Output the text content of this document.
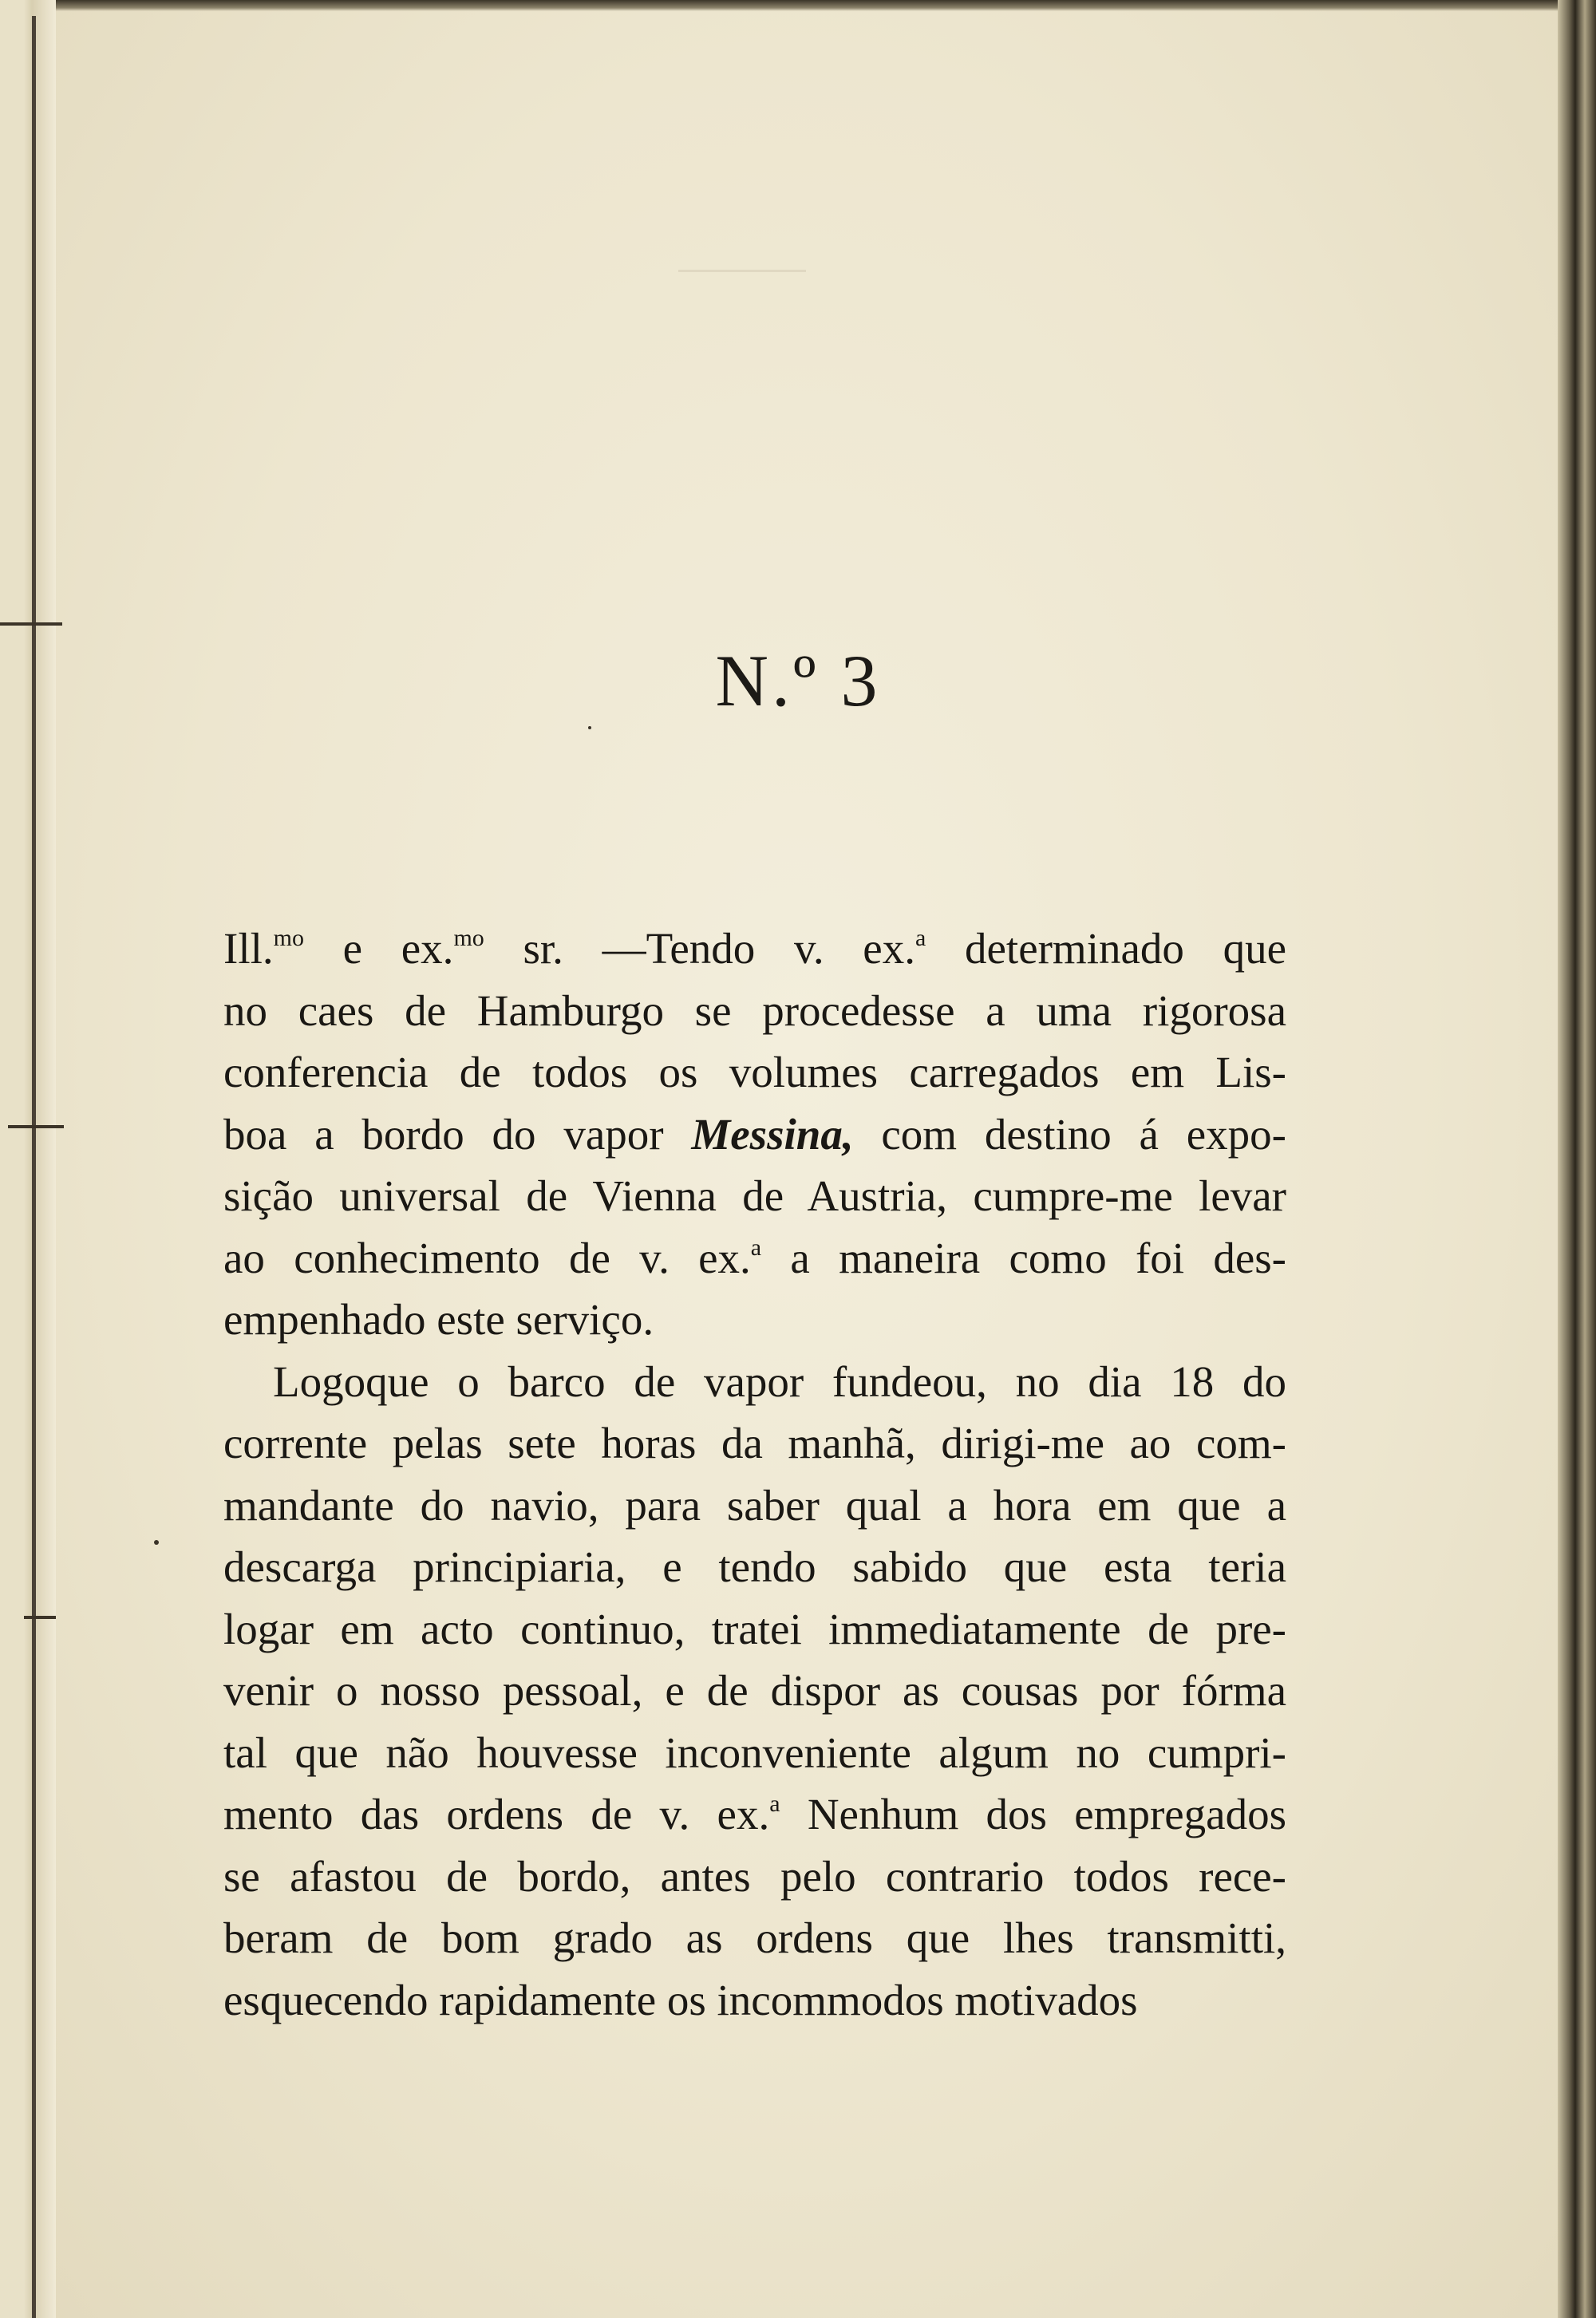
N.º 3

Ill.$^{mo}$ e ex.$^{mo}$ sr. —Tendo v. ex.$^a$ determinado que
no caes de Hamburgo se procedesse a uma rigorosa
conferencia de todos os volumes carregados em Lis-
boa a bordo do vapor Messina, com destino á expo-
sição universal de Vienna de Austria, cumpre-me levar
ao conhecimento de v. ex.$^a$ a maneira como foi des-
empenhado este serviço.

Logoque o barco de vapor fundeou, no dia 18 do
corrente pelas sete horas da manhã, dirigi-me ao com-
mandante do navio, para saber qual a hora em que a
descarga principiaria, e tendo sabido que esta teria
logar em acto continuo, tratei immediatamente de pre-
venir o nosso pessoal, e de dispor as cousas por fórma
tal que não houvesse inconveniente algum no cumpri-
mento das ordens de v. ex.$^a$ Nenhum dos empregados
se afastou de bordo, antes pelo contrario todos rece-
beram de bom grado as ordens que lhes transmitti,
esquecendo rapidamente os incommodos motivados
